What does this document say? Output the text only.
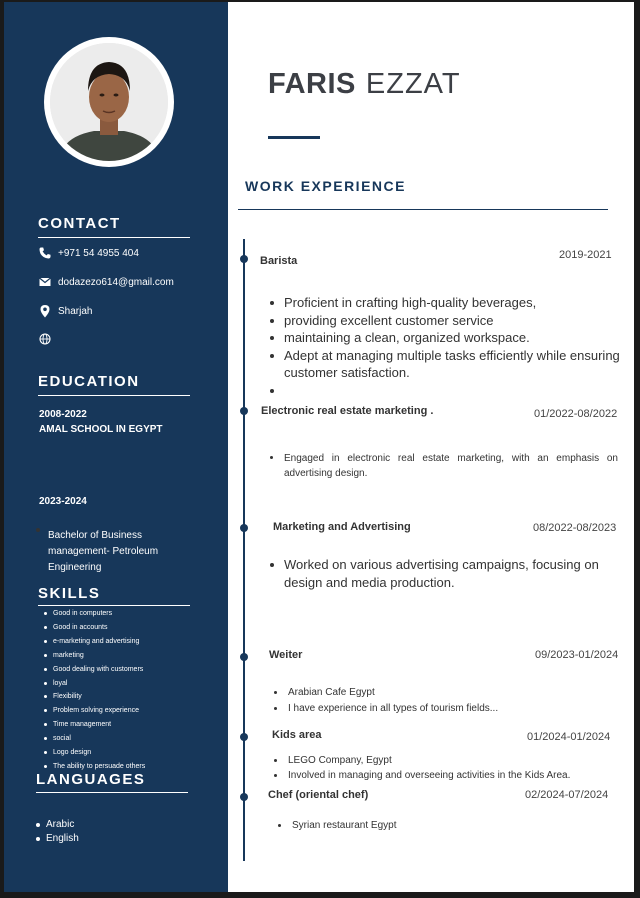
CONTACT
+971 54 4955 404
dodazezo614@gmail.com
Sharjah
EDUCATION
2008-2022
AMAL SCHOOL IN EGYPT
2023-2024
Bachelor of Business management- Petroleum Engineering
SKILLS
Good in computers
Good in accounts
e-marketing and advertising
marketing
Good dealing with customers
loyal
Flexibility
Problem solving experience
Time management
social
Logo design
The ability to persuade others
LANGUAGES
Arabic
English
FARIS EZZAT
WORK EXPERIENCE
Barista	2019-2021
Proficient in crafting high-quality beverages,
providing excellent customer service
maintaining a clean, organized workspace.
Adept at managing multiple tasks efficiently while ensuring customer satisfaction.
Electronic real estate marketing .	01/2022-08/2022
Engaged in electronic real estate marketing, with an emphasis on advertising design.
Marketing and Advertising	08/2022-08/2023
Worked on various advertising campaigns, focusing on design and media production.
Weiter	09/2023-01/2024
Arabian Cafe Egypt
I have experience in all types of tourism fields...
Kids area	01/2024-01/2024
LEGO Company, Egypt
Involved in managing and overseeing activities in the Kids Area.
Chef (oriental chef)	02/2024-07/2024
Syrian restaurant Egypt
